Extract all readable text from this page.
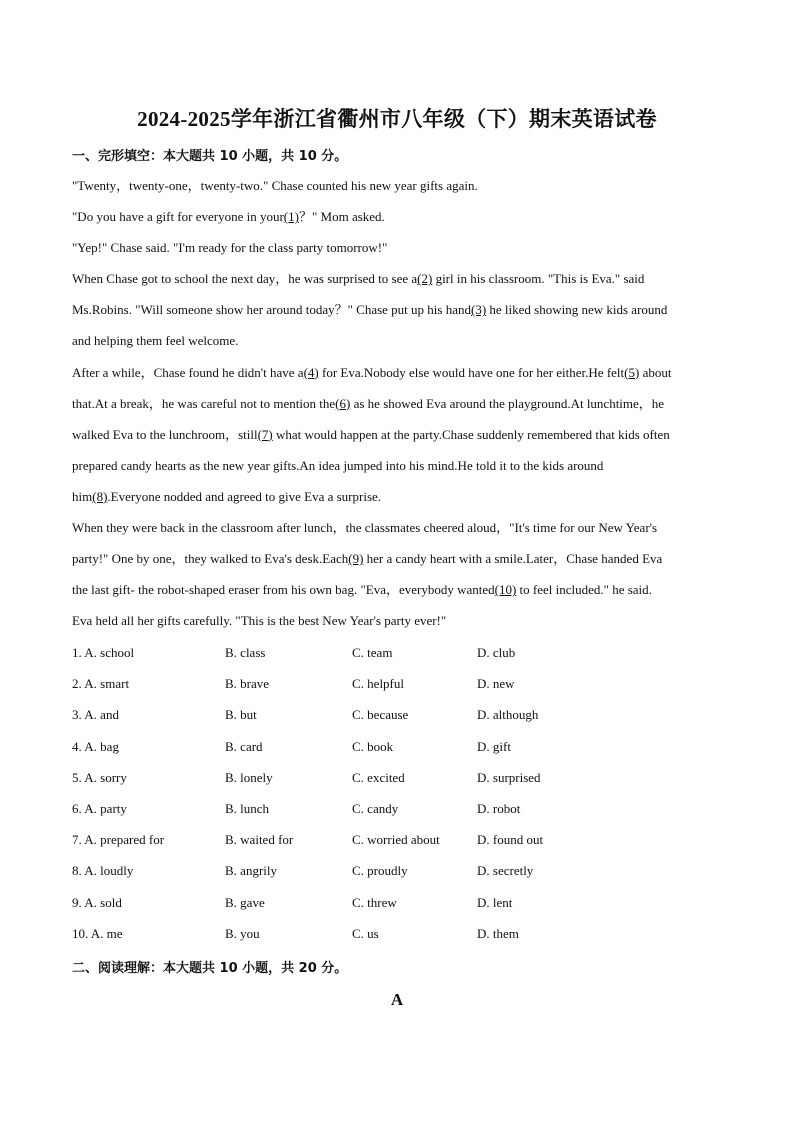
2024-2025学年浙江省衢州市八年级（下）期末英语试卷
一、完形填空：本大题共 10 小题，共 10 分。
"Twenty，twenty-one，twenty-two." Chase counted his new year gifts again.
"Do you have a gift for everyone in your(1)？" Mom asked.
"Yep!" Chase said. "I'm ready for the class party tomorrow!"
When Chase got to school the next day，he was surprised to see a(2) girl in his classroom. "This is Eva." said
Ms.Robins. "Will someone show her around today？" Chase put up his hand(3) he liked showing new kids around
and helping them feel welcome.
After a while，Chase found he didn't have a(4) for Eva.Nobody else would have one for her either.He felt(5) about
that.At a break，he was careful not to mention the(6) as he showed Eva around the playground.At lunchtime，he
walked Eva to the lunchroom，still(7) what would happen at the party.Chase suddenly remembered that kids often
prepared candy hearts as the new year gifts.An idea jumped into his mind.He told it to the kids around
him(8).Everyone nodded and agreed to give Eva a surprise.
When they were back in the classroom after lunch，the classmates cheered aloud，"It's time for our New Year's
party!" One by one，they walked to Eva's desk.Each(9) her a candy heart with a smile.Later，Chase handed Eva
the last gift- the robot-shaped eraser from his own bag. "Eva，everybody wanted(10) to feel included." he said.
Eva held all her gifts carefully. "This is the best New Year's party ever!"
1. A. school	B. class	C. team	D. club
2. A. smart	B. brave	C. helpful	D. new
3. A. and	B. but	C. because	D. although
4. A. bag	B. card	C. book	D. gift
5. A. sorry	B. lonely	C. excited	D. surprised
6. A. party	B. lunch	C. candy	D. robot
7. A. prepared for	B. waited for	C. worried about	D. found out
8. A. loudly	B. angrily	C. proudly	D. secretly
9. A. sold	B. gave	C. threw	D. lent
10. A. me	B. you	C. us	D. them
二、阅读理解：本大题共 10 小题，共 20 分。
A
